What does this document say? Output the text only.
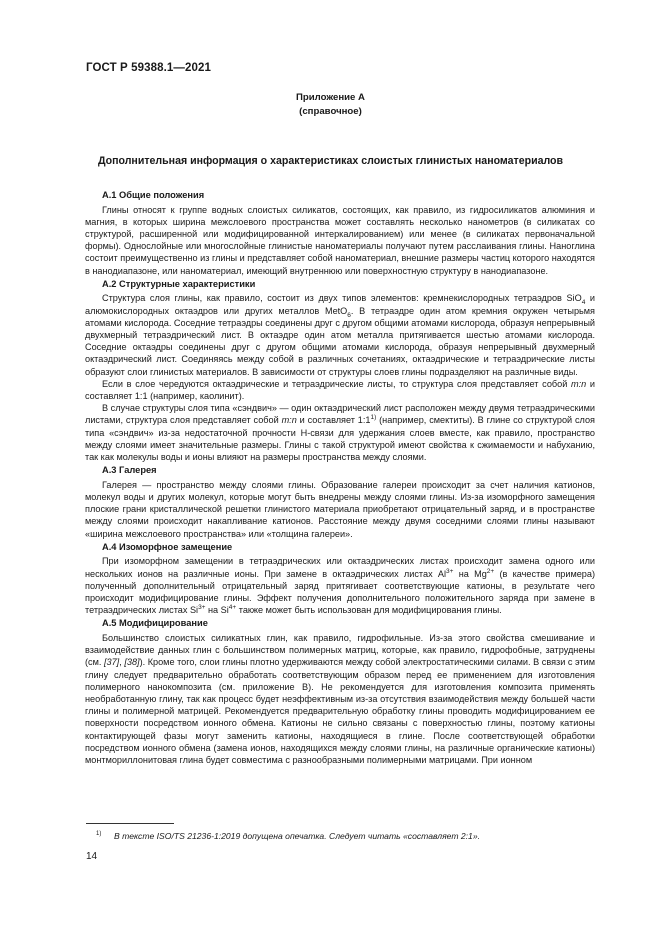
ГОСТ Р 59388.1—2021
Приложение А
(справочное)
Дополнительная информация о характеристиках слоистых глинистых наноматериалов
А.1 Общие положения

Глины относят к группе водных слоистых силикатов, состоящих, как правило, из гидросиликатов алюминия и магния, в которых ширина межслоевого пространства может составлять несколько нанометров (в силикатах со структурой, расширенной или модифицированной интеркалированием) или менее (в силикатах первоначальной формы). Однослойные или многослойные глинистые наноматериалы получают путем расслаивания глины. Наноглина состоит преимущественно из глины и представляет собой наноматериал, внешние размеры частиц которого находятся в нанодиапазоне, или наноматериал, имеющий внутреннюю или поверхностную структуру в нанодиапазоне.

А.2 Структурные характеристики

Структура слоя глины, как правило, состоит из двух типов элементов: кремнекислородных тетраэдров SiO$_4$ и алюмокислородных октаэдров или других металлов MetO$_6$. В тетраэдре один атом кремния окружен четырьмя атомами кислорода. Соседние тетраэдры соединены друг с другом общими атомами кислорода, образуя непрерывный двухмерный тетраэдрический лист. В октаэдре один атом металла притягивается шестью атомами кислорода. Соседние октаэдры соединены друг с другом общими атомами кислорода, образуя непрерывный двухмерный октаэдрический лист. Соединяясь между собой в различных сочетаниях, октаэдрические и тетраэдрические листы образуют слои глинистых материалов. В зависимости от структуры слоев глины подразделяют на различные виды.

Если в слое чередуются октаэдрические и тетраэдрические листы, то структура слоя представляет собой m:n и составляет 1:1 (например, каолинит).

В случае структуры слоя типа «сэндвич» — один октаэдрический лист расположен между двумя тетраэдрическими листами, структура слоя представляет собой m:n и составляет 1:1$^{1)}$ (например, смектиты). В глине со структурой слоя типа «сэндвич» из-за недостаточной прочности Н-связи для удержания слоев вместе, как правило, пространство между слоями имеет значительные размеры. Глины с такой структурой имеют свойства к сжимаемости и набуханию, так как молекулы воды и ионы влияют на размеры пространства между слоями.

А.3 Галерея

Галерея — пространство между слоями глины. Образование галереи происходит за счет наличия катионов, молекул воды и других молекул, которые могут быть внедрены между слоями глины. Из-за изоморфного замещения плоские грани кристаллической решетки глинистого материала приобретают отрицательный заряд, и в пространстве между слоями происходит накапливание катионов. Расстояние между двумя соседними слоями глины называют «ширина межслоевого пространства» или «толщина галереи».

А.4 Изоморфное замещение

При изоморфном замещении в тетраэдрических или октаэдрических листах происходит замена одного или нескольких ионов на различные ионы. При замене в октаэдрических листах $Al^{3+}$ на $Mg^{2+}$ (в качестве примера) полученный дополнительный отрицательный заряд притягивает соответствующие катионы, в результате чего происходит модифицирование глины. Эффект получения дополнительного положительного заряда при замене в тетраэдрических листах $Si^{3+}$ на $Si^{4+}$ также может быть использован для модифицирования глины.

А.5 Модифицирование

Большинство слоистых силикатных глин, как правило, гидрофильные. Из-за этого свойства смешивание и взаимодействие данных глин с большинством полимерных матриц, которые, как правило, гидрофобные, затруднены (см. [37], [38]). Кроме того, слои глины плотно удерживаются между собой электростатическими силами. В связи с этим глину следует предварительно обработать соответствующим образом перед ее применением для изготовления полимерного нанокомпозита (см. приложение В). Не рекомендуется для изготовления композита применять необработанную глину, так как процесс будет неэффективным из-за отсутствия взаимодействия между большей части глины и полимерной матрицей. Рекомендуется предварительную обработку глины проводить модифицированием ее поверхности посредством ионного обмена. Катионы не сильно связаны с поверхностью глины, поэтому катионы контактирующей фазы могут заменить катионы, находящиеся в глине. После соответствующей обработки посредством ионного обмена (замена ионов, находящихся между слоями глины, на различные органические катионы) монтмориллонитовая глина будет совместима с разнообразными полимерными матрицами. При ионном

$^{1)}$ В тексте ISO/TS 21236-1:2019 допущена опечатка. Следует читать «составляет 2:1».
14
